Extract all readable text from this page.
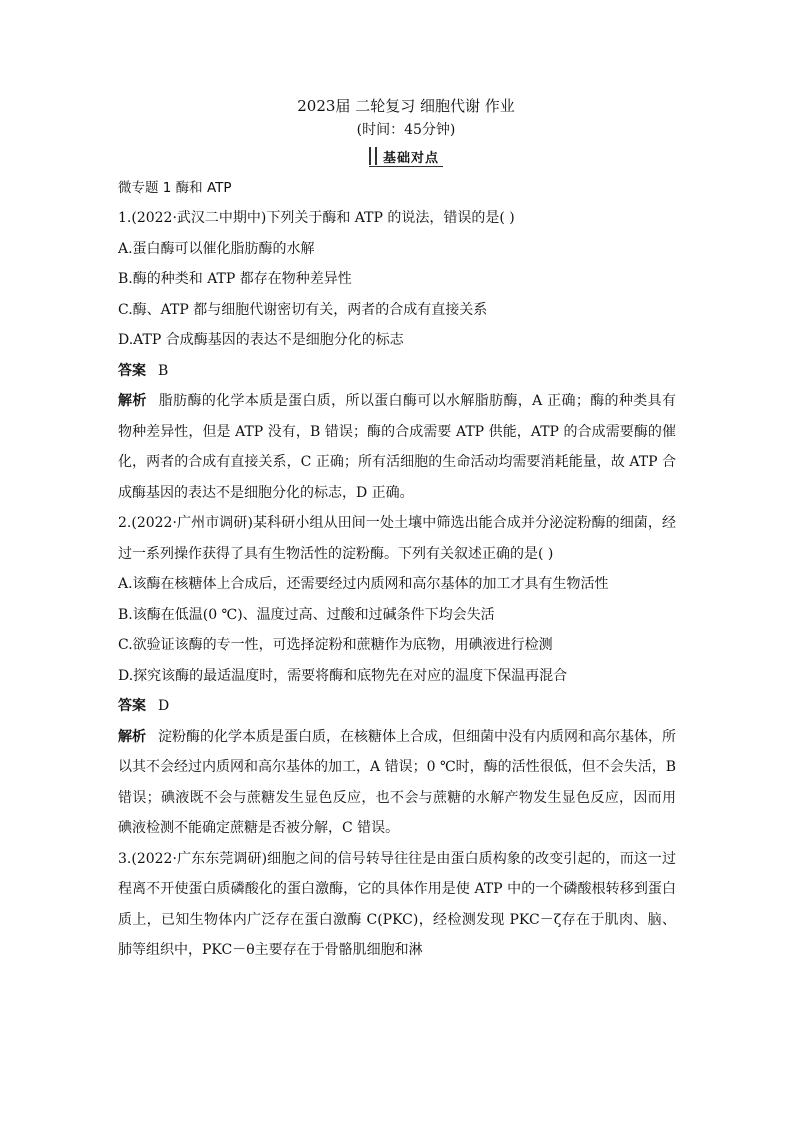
2023届 二轮复习 细胞代谢 作业

(时间：45分钟)

基础对点

微专题 1 酶和 ATP

1.(2022·武汉二中期中)下列关于酶和 ATP 的说法，错误的是( )

A.蛋白酶可以催化脂肪酶的水解

B.酶的种类和 ATP 都存在物种差异性

C.酶、ATP 都与细胞代谢密切有关，两者的合成有直接关系

D.ATP 合成酶基因的表达不是细胞分化的标志

答案 B

解析 脂肪酶的化学本质是蛋白质，所以蛋白酶可以水解脂肪酶，A 正确；酶的种类具有物种差异性，但是 ATP 没有，B 错误；酶的合成需要 ATP 供能，ATP 的合成需要酶的催化，两者的合成有直接关系，C 正确；所有活细胞的生命活动均需要消耗能量，故 ATP 合成酶基因的表达不是细胞分化的标志，D 正确。

2.(2022·广州市调研)某科研小组从田间一处土壤中筛选出能合成并分泌淀粉酶的细菌，经过一系列操作获得了具有生物活性的淀粉酶。下列有关叙述正确的是( )

A.该酶在核糖体上合成后，还需要经过内质网和高尔基体的加工才具有生物活性

B.该酶在低温(0 ℃)、温度过高、过酸和过碱条件下均会失活

C.欲验证该酶的专一性，可选择淀粉和蔗糖作为底物，用碘液进行检测

D.探究该酶的最适温度时，需要将酶和底物先在对应的温度下保温再混合

答案 D

解析 淀粉酶的化学本质是蛋白质，在核糖体上合成，但细菌中没有内质网和高尔基体，所以其不会经过内质网和高尔基体的加工，A 错误；0 ℃时，酶的活性很低，但不会失活，B 错误；碘液既不会与蔗糖发生显色反应，也不会与蔗糖的水解产物发生显色反应，因而用碘液检测不能确定蔗糖是否被分解，C 错误。

3.(2022·广东东莞调研)细胞之间的信号转导往往是由蛋白质构象的改变引起的，而这一过程离不开使蛋白质磷酸化的蛋白激酶，它的具体作用是使 ATP 中的一个磷酸根转移到蛋白质上，已知生物体内广泛存在蛋白激酶 C(PKC)，经检测发现 PKC－ζ存在于肌肉、脑、肺等组织中，PKC－θ主要存在于骨骼肌细胞和淋
